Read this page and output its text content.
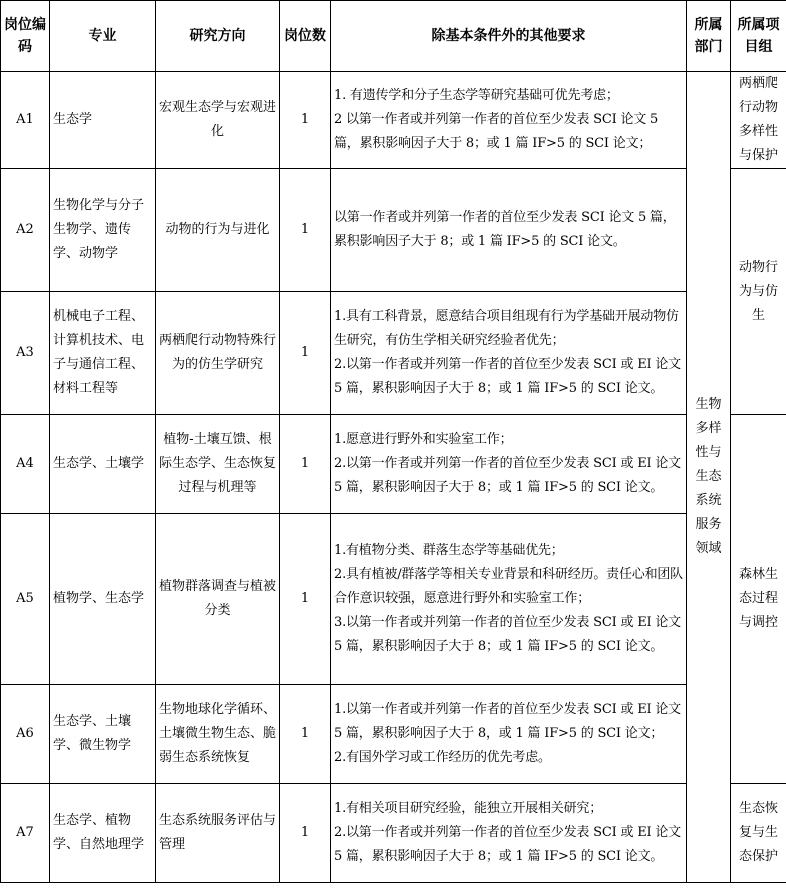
岗位编码	专业	研究方向	岗位数	除基本条件外的其他要求	所属部门	所属项目组
A1	生态学	宏观生态学与宏观进化	1	1. 有遗传学和分子生态学等研究基础可优先考虑；
2 以第一作者或并列第一作者的首位至少发表 SCI 论文 5 篇，累积影响因子大于 8；或 1 篇 IF>5 的 SCI 论文；	生物多样性与生态系统服务领域	两栖爬行动物多样性与保护
A2	生物化学与分子生物学、遗传学、动物学	动物的行为与进化	1	以第一作者或并列第一作者的首位至少发表 SCI 论文 5 篇，累积影响因子大于 8；或 1 篇 IF>5 的 SCI 论文。		动物行为与仿生
A3	机械电子工程、计算机技术、电子与通信工程、材料工程等	两栖爬行动物特殊行为的仿生学研究	1	1.具有工科背景，愿意结合项目组现有行为学基础开展动物仿生研究，有仿生学相关研究经验者优先；
2.以第一作者或并列第一作者的首位至少发表 SCI 或 EI 论文 5 篇，累积影响因子大于 8；或 1 篇 IF>5 的 SCI 论文。		

A4	生态学、土壤学	植物-土壤互馈、根际生态学、生态恢复过程与机理等	1	1.愿意进行野外和实验室工作；
2.以第一作者或并列第一作者的首位至少发表 SCI 或 EI 论文 5 篇，累积影响因子大于 8；或 1 篇 IF>5 的 SCI 论文。		森林生态过程与调控
A5	植物学、生态学	植物群落调查与植被分类	1	1.有植物分类、群落生态学等基础优先；
2.具有植被/群落学等相关专业背景和科研经历。责任心和团队合作意识较强，愿意进行野外和实验室工作；
3.以第一作者或并列第一作者的首位至少发表 SCI 或 EI 论文 5 篇，累积影响因子大于 8；或 1 篇 IF>5 的 SCI 论文。		

A6	生态学、土壤学、微生物学	生物地球化学循环、土壤微生物生态、脆弱生态系统恢复	1	1.以第一作者或并列第一作者的首位至少发表 SCI 或 EI 论文 5 篇，累积影响因子大于 8，或 1 篇 IF>5 的 SCI 论文；
2.有国外学习或工作经历的优先考虑。		

A7	生态学、植物学、自然地理学	生态系统服务评估与管理	1	1.有相关项目研究经验，能独立开展相关研究；
2.以第一作者或并列第一作者的首位至少发表 SCI 或 EI 论文 5 篇，累积影响因子大于 8；或 1 篇 IF>5 的 SCI 论文。		生态恢复与生态保护
